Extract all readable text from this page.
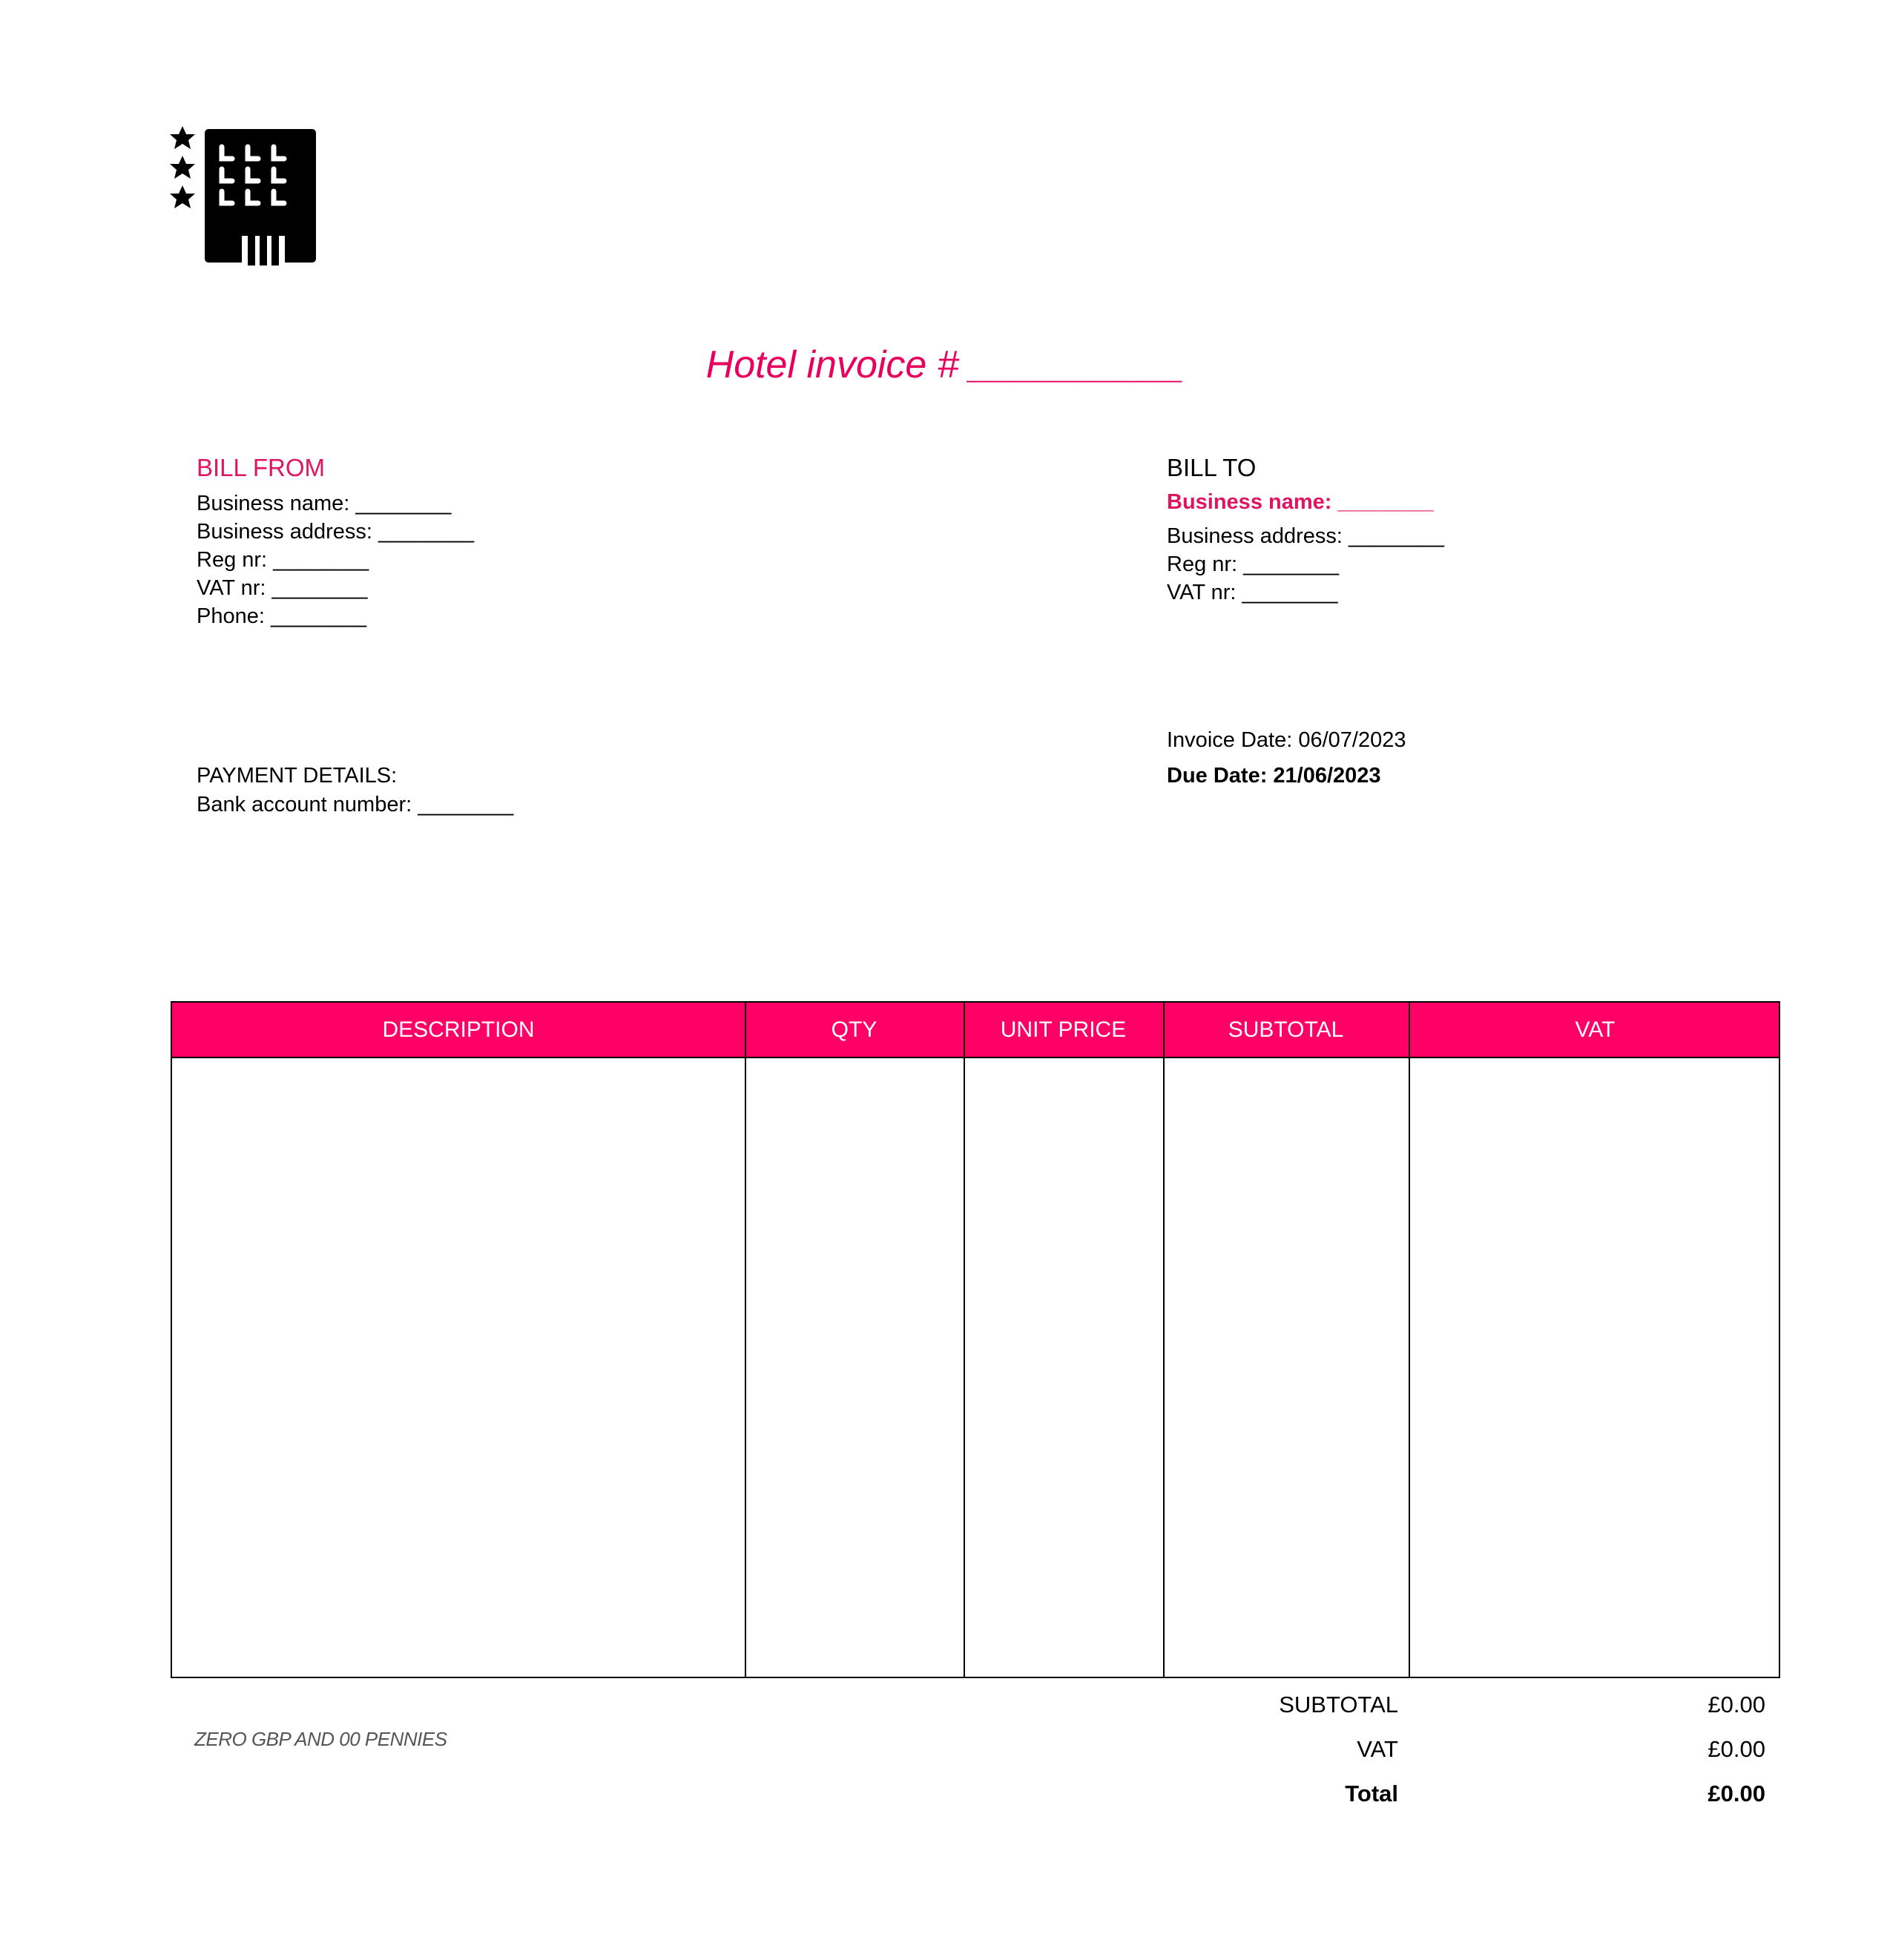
Hotel invoice # __________
BILL FROM
Business name: ________
Business address: ________
Reg nr: ________
VAT nr: ________
Phone: ________
BILL TO
Business name: ________
Business address: ________
Reg nr: ________
VAT nr: ________
Invoice Date: 06/07/2023
Due Date: 21/06/2023
PAYMENT DETAILS:
Bank account number: ________
DESCRIPTION	QTY	UNIT PRICE	SUBTOTAL	VAT
ZERO GBP AND 00 PENNIES
SUBTOTAL	£0.00
VAT	£0.00
Total	£0.00
